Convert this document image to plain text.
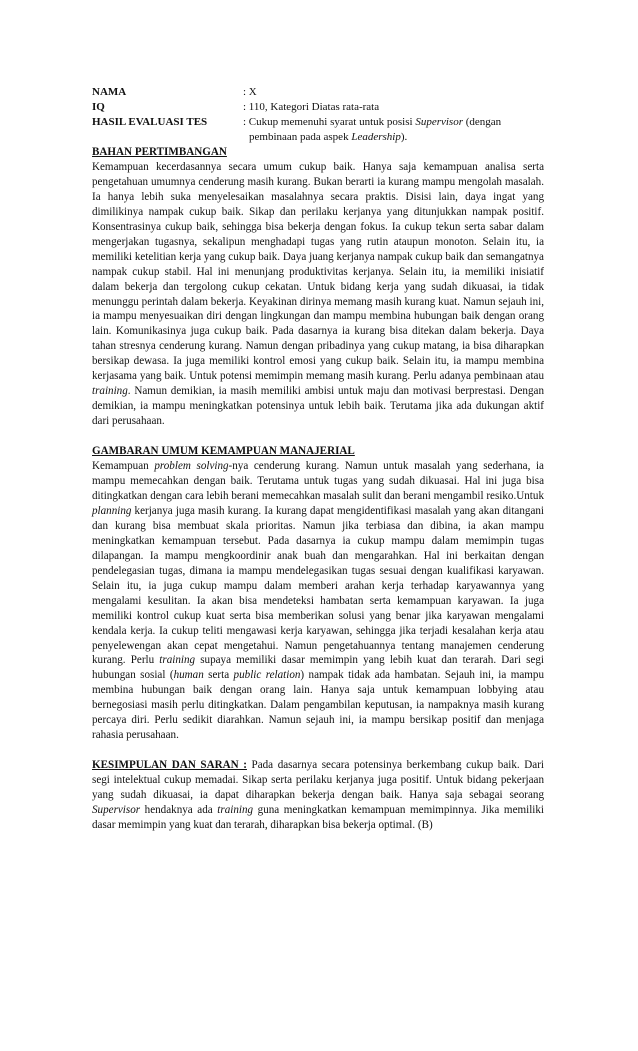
NAMA	: X
IQ	: 110, Kategori Diatas rata-rata
HASIL EVALUASI TES	: Cukup memenuhi syarat untuk posisi Supervisor (dengan
pembinaan pada aspek Leadership).
BAHAN PERTIMBANGAN
Kemampuan kecerdasannya secara umum cukup baik. Hanya saja kemampuan analisa serta pengetahuan umumnya cenderung masih kurang. Bukan berarti ia kurang mampu mengolah masalah. Ia hanya lebih suka menyelesaikan masalahnya secara praktis. Disisi lain, daya ingat yang dimilikinya nampak cukup baik. Sikap dan perilaku kerjanya yang ditunjukkan nampak positif. Konsentrasinya cukup baik, sehingga bisa bekerja dengan fokus. Ia cukup tekun serta sabar dalam mengerjakan tugasnya, sekalipun menghadapi tugas yang rutin ataupun monoton. Selain itu, ia memiliki ketelitian kerja yang cukup baik. Daya juang kerjanya nampak cukup baik dan semangatnya nampak cukup stabil. Hal ini menunjang produktivitas kerjanya. Selain itu, ia memiliki inisiatif dalam bekerja dan tergolong cukup cekatan. Untuk bidang kerja yang sudah dikuasai, ia tidak menunggu perintah dalam bekerja. Keyakinan dirinya memang masih kurang kuat. Namun sejauh ini, ia mampu menyesuaikan diri dengan lingkungan dan mampu membina hubungan baik dengan orang lain. Komunikasinya juga cukup baik. Pada dasarnya ia kurang bisa ditekan dalam bekerja. Daya tahan stresnya cenderung kurang. Namun dengan pribadinya yang cukup matang, ia bisa diharapkan bersikap dewasa. Ia juga memiliki kontrol emosi yang cukup baik. Selain itu, ia mampu membina kerjasama yang baik. Untuk potensi memimpin memang masih kurang. Perlu adanya pembinaan atau training. Namun demikian, ia masih memiliki ambisi untuk maju dan motivasi berprestasi. Dengan demikian, ia mampu meningkatkan potensinya untuk lebih baik. Terutama jika ada dukungan aktif dari perusahaan.
GAMBARAN UMUM KEMAMPUAN MANAJERIAL
Kemampuan problem solving-nya cenderung kurang. Namun untuk masalah yang sederhana, ia mampu memecahkan dengan baik. Terutama untuk tugas yang sudah dikuasai. Hal ini juga bisa ditingkatkan dengan cara lebih berani memecahkan masalah sulit dan berani mengambil resiko.Untuk planning kerjanya juga masih kurang. Ia kurang dapat mengidentifikasi masalah yang akan ditangani dan kurang bisa membuat skala prioritas. Namun jika terbiasa dan dibina, ia akan mampu meningkatkan kemampuan tersebut. Pada dasarnya ia cukup mampu dalam memimpin tugas dilapangan. Ia mampu mengkoordinir anak buah dan mengarahkan. Hal ini berkaitan dengan pendelegasian tugas, dimana ia mampu mendelegasikan tugas sesuai dengan kualifikasi karyawan. Selain itu, ia juga cukup mampu dalam memberi arahan kerja terhadap karyawannya yang mengalami kesulitan. Ia akan bisa mendeteksi hambatan serta kemampuan karyawan. Ia juga memiliki kontrol cukup kuat serta bisa memberikan solusi yang benar jika karyawan mengalami kendala kerja. Ia cukup teliti mengawasi kerja karyawan, sehingga jika terjadi kesalahan kerja atau penyelewengan akan cepat mengetahui. Namun pengetahuannya tentang manajemen cenderung kurang. Perlu training supaya memiliki dasar memimpin yang lebih kuat dan terarah. Dari segi hubungan sosial (human serta public relation) nampak tidak ada hambatan. Sejauh ini, ia mampu membina hubungan baik dengan orang lain. Hanya saja untuk kemampuan lobbying atau bernegosiasi masih perlu ditingkatkan. Dalam pengambilan keputusan, ia nampaknya masih kurang percaya diri. Perlu sedikit diarahkan. Namun sejauh ini, ia mampu bersikap positif dan menjaga rahasia perusahaan.
KESIMPULAN DAN SARAN : Pada dasarnya secara potensinya berkembang cukup baik. Dari segi intelektual cukup memadai. Sikap serta perilaku kerjanya juga positif. Untuk bidang pekerjaan yang sudah dikuasai, ia dapat diharapkan bekerja dengan baik. Hanya saja sebagai seorang Supervisor hendaknya ada training guna meningkatkan kemampuan memimpinnya. Jika memiliki dasar memimpin yang kuat dan terarah, diharapkan bisa bekerja optimal. (B)
